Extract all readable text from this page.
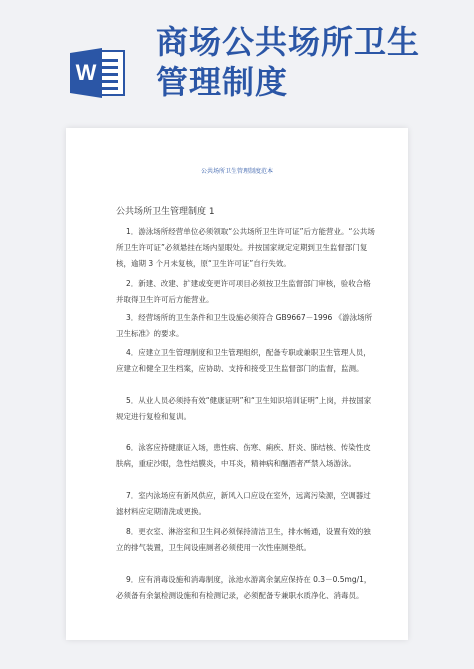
W
商场公共场所卫生
管理制度
公共场所卫生管理制度范本
公共场所卫生管理制度 1

1．游泳场所经营单位必须领取“公共场所卫生许可证”后方能营业。“公共场所卫生许可证”必须悬挂在场内显眼处。并按国家规定定期到卫生监督部门复核，逾期 3 个月未复核，原“卫生许可证”自行失效。

2．新建、改建、扩建或变更许可项目必须按卫生监督部门审核，验收合格并取得卫生许可后方能营业。

3．经营场所的卫生条件和卫生设施必须符合 GB9667－1996 《游泳场所卫生标准》的要求。

4．应建立卫生管理制度和卫生管理组织，配备专职或兼职卫生管理人员，应建立和健全卫生档案，应协助、支持和接受卫生监督部门的监督，监测。

5．从业人员必须持有效“健康证明”和“卫生知识培训证明”上岗，并按国家规定进行复检和复训。

6．泳客应持健康证入场，患性病、伤寒、痢疾、肝炎、肺结核、传染性皮肤病，重症沙眼，急性结膜炎，中耳炎，精神病和酗酒者严禁入场游泳。

7．室内泳场应有新风供应，新风入口应设在室外，远离污染源，空调器过滤材料应定期清洗或更换。

8．更衣室、淋浴室和卫生间必须保持清洁卫生，排水畅通，设置有效的独立的排气装置，卫生间设座厕者必须使用一次性座厕垫纸。

9．应有消毒设施和消毒制度，泳池水游离余氯应保持在 0.3－0.5mg/1，必须备有余氯检测设施和有检测记录，必须配备专兼职水质净化、消毒员。
